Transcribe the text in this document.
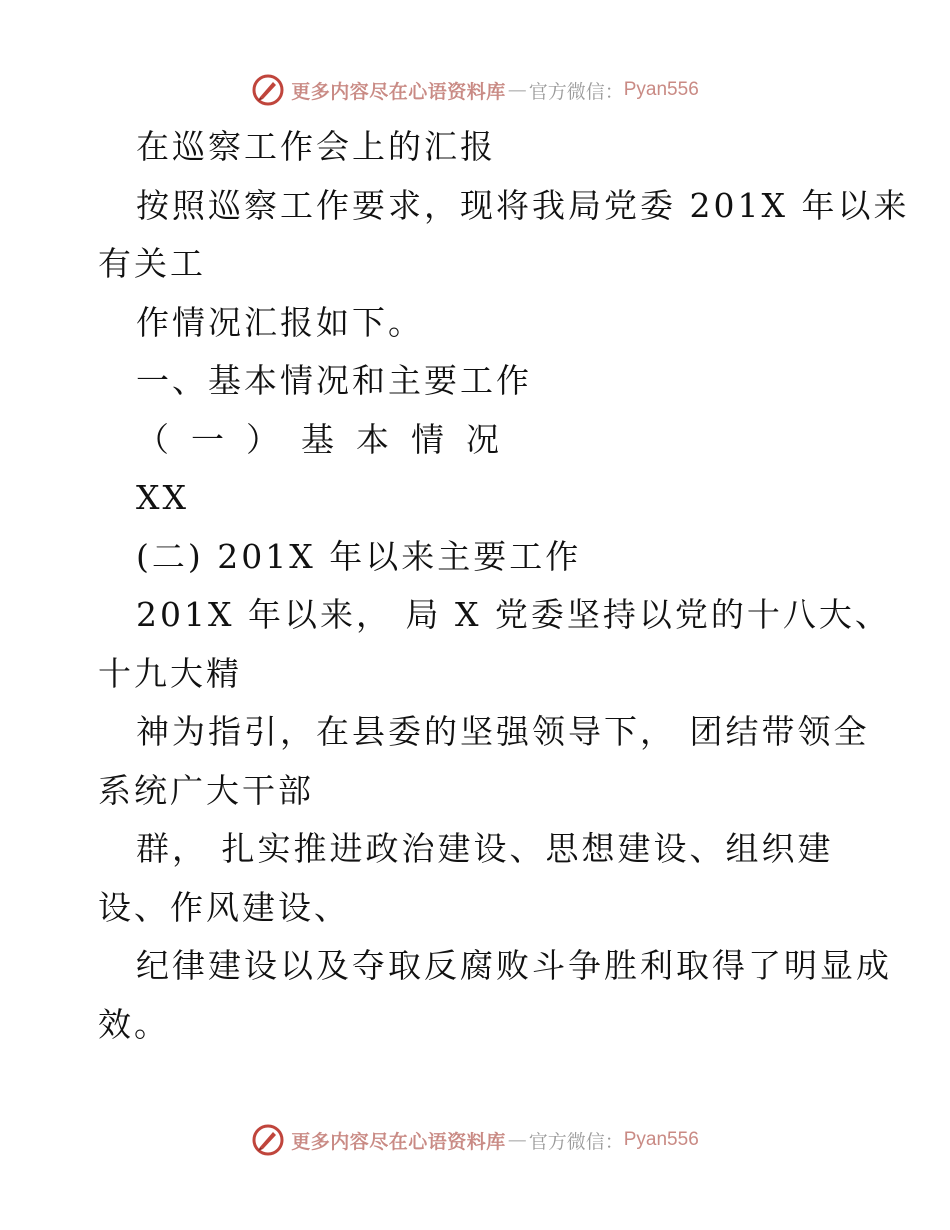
更多内容尽在心语资料库 — 官方微信： Pyan556
在巡察工作会上的汇报
按照巡察工作要求，现将我局党委 201X 年以来
有关工
作情况汇报如下。
一、基本情况和主要工作
（一）基本情况
XX
(二) 201X 年以来主要工作
201X 年以来， 局 X 党委坚持以党的十八大、
十九大精
神为指引，在县委的坚强领导下， 团结带领全
系统广大干部
群， 扎实推进政治建设、思想建设、组织建
设、作风建设、
纪律建设以及夺取反腐败斗争胜利取得了明显成
效。
更多内容尽在心语资料库 — 官方微信： Pyan556
